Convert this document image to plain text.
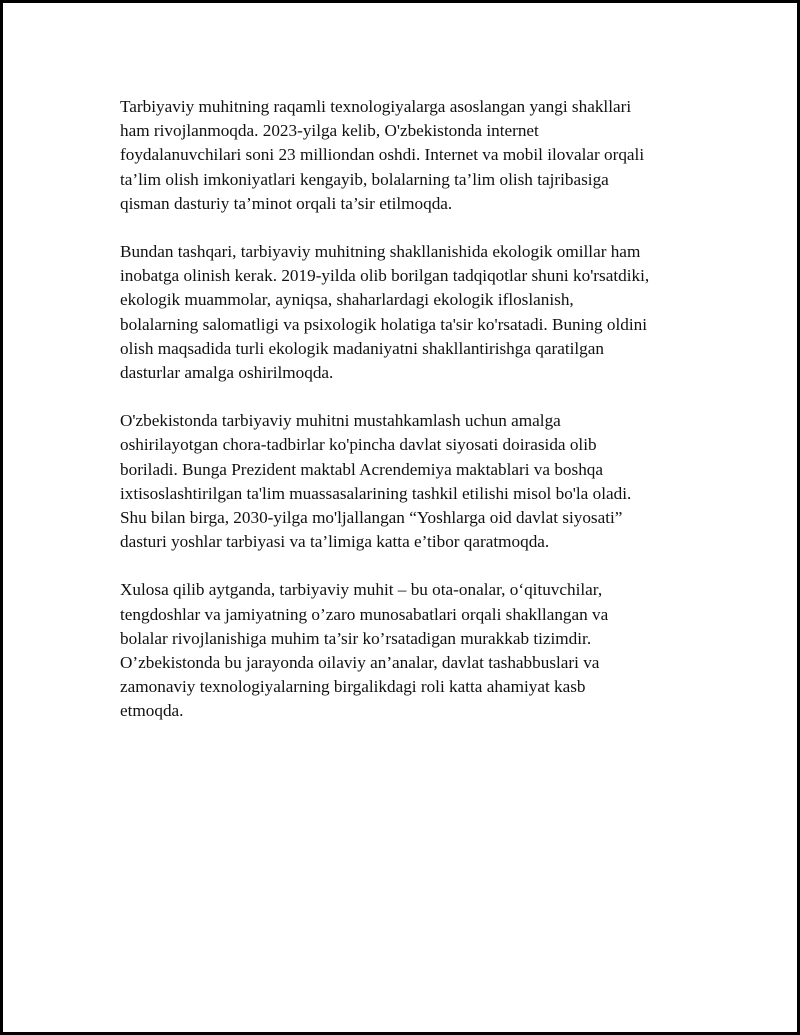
Tarbiyaviy muhitning raqamli texnologiyalarga asoslangan yangi shakllari
ham rivojlanmoqda. 2023-yilga kelib, O'zbekistonda internet
foydalanuvchilari soni 23 milliondan oshdi. Internet va mobil ilovalar orqali
ta’lim olish imkoniyatlari kengayib, bolalarning ta’lim olish tajribasiga
qisman dasturiy ta’minot orqali ta’sir etilmoqda.

Bundan tashqari, tarbiyaviy muhitning shakllanishida ekologik omillar ham
inobatga olinish kerak. 2019-yilda olib borilgan tadqiqotlar shuni ko'rsatdiki,
ekologik muammolar, ayniqsa, shaharlardagi ekologik ifloslanish,
bolalarning salomatligi va psixologik holatiga ta'sir ko'rsatadi. Buning oldini
olish maqsadida turli ekologik madaniyatni shakllantirishga qaratilgan
dasturlar amalga oshirilmoqda.

O'zbekistonda tarbiyaviy muhitni mustahkamlash uchun amalga
oshirilayotgan chora-tadbirlar ko'pincha davlat siyosati doirasida olib
boriladi. Bunga Prezident maktabl Acrendemiya maktablari va boshqa
ixtisoslashtirilgan ta'lim muassasalarining tashkil etilishi misol bo'la oladi.
Shu bilan birga, 2030-yilga mo'ljallangan “Yoshlarga oid davlat siyosati”
dasturi yoshlar tarbiyasi va ta’limiga katta e’tibor qaratmoqda.

Xulosa qilib aytganda, tarbiyaviy muhit – bu ota-onalar, o‘qituvchilar,
tengdoshlar va jamiyatning o’zaro munosabatlari orqali shakllangan va
bolalar rivojlanishiga muhim ta’sir ko’rsatadigan murakkab tizimdir.
O’zbekistonda bu jarayonda oilaviy an’analar, davlat tashabbuslari va
zamonaviy texnologiyalarning birgalikdagi roli katta ahamiyat kasb
etmoqda.
